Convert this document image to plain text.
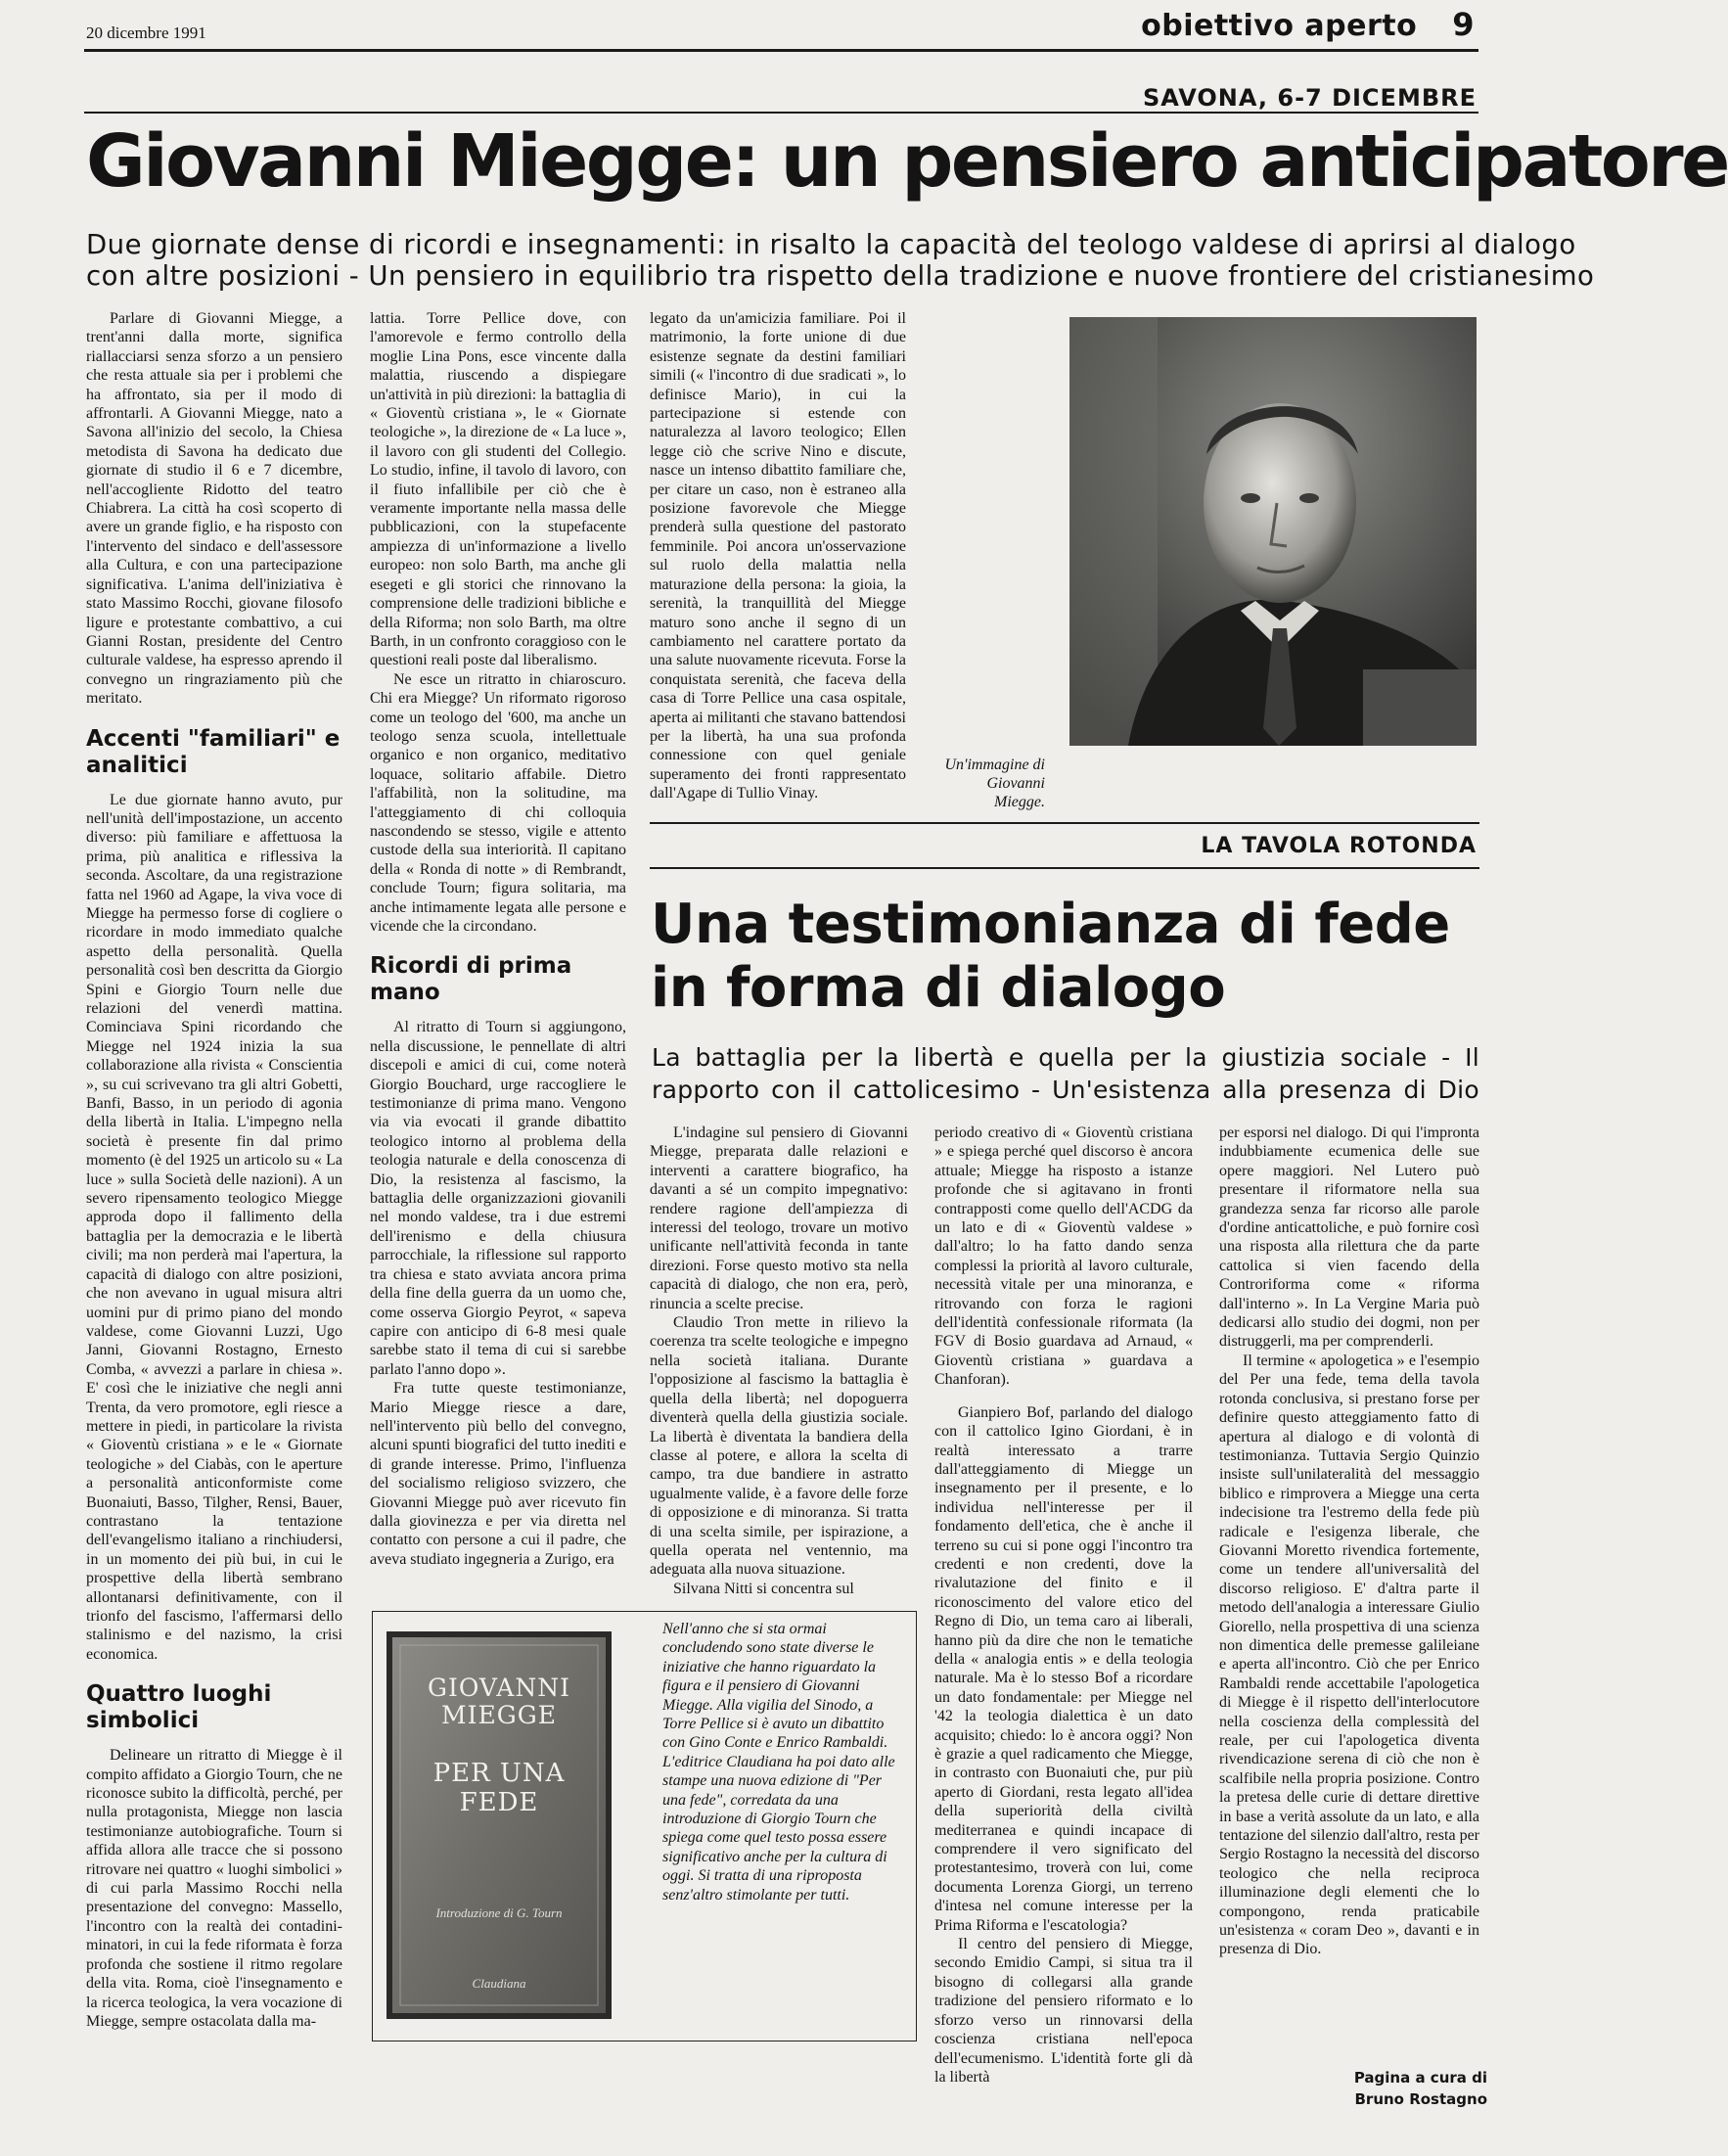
20 dicembre 1991	obiettivo aperto 9
SAVONA, 6-7 DICEMBRE
Giovanni Miegge: un pensiero anticipatore
Due giornate dense di ricordi e insegnamenti: in risalto la capacità del teologo valdese di aprirsi al dialogo
con altre posizioni - Un pensiero in equilibrio tra rispetto della tradizione e nuove frontiere del cristianesimo

Parlare di Giovanni Miegge, a trent'anni dalla morte, significa riallacciarsi senza sforzo a un pensiero che resta attuale sia per i problemi che ha affrontato, sia per il modo di affrontarli. A Giovanni Miegge, nato a Savona all'inizio del secolo, la Chiesa metodista di Savona ha dedicato due giornate di studio il 6 e 7 dicembre, nell'accogliente Ridotto del teatro Chiabrera. La città ha così scoperto di avere un grande figlio, e ha risposto con l'intervento del sindaco e dell'assessore alla Cultura, e con una partecipazione significativa. L'anima dell'iniziativa è stato Massimo Rocchi, giovane filosofo ligure e protestante combattivo, a cui Gianni Rostan, presidente del Centro culturale valdese, ha espresso aprendo il convegno un ringraziamento più che meritato.

Accenti "familiari" e analitici

Le due giornate hanno avuto, pur nell'unità dell'impostazione, un accento diverso: più familiare e affettuosa la prima, più analitica e riflessiva la seconda. Ascoltare, da una registrazione fatta nel 1960 ad Agape, la viva voce di Miegge ha permesso forse di cogliere o ricordare in modo immediato qualche aspetto della personalità. Quella personalità così ben descritta da Giorgio Spini e Giorgio Tourn nelle due relazioni del venerdì mattina. Cominciava Spini ricordando che Miegge nel 1924 inizia la sua collaborazione alla rivista « Conscientia », su cui scrivevano tra gli altri Gobetti, Banfi, Basso, in un periodo di agonia della libertà in Italia. L'impegno nella società è presente fin dal primo momento (è del 1925 un articolo su « La luce » sulla Società delle nazioni). A un severo ripensamento teologico Miegge approda dopo il fallimento della battaglia per la democrazia e le libertà civili; ma non perderà mai l'apertura, la capacità di dialogo con altre posizioni, che non avevano in ugual misura altri uomini pur di primo piano del mondo valdese, come Giovanni Luzzi, Ugo Janni, Giovanni Rostagno, Ernesto Comba, « avvezzi a parlare in chiesa ». E' così che le iniziative che negli anni Trenta, da vero promotore, egli riesce a mettere in piedi, in particolare la rivista « Gioventù cristiana » e le « Giornate teologiche » del Ciabàs, con le aperture a personalità anticonformiste come Buonaiuti, Basso, Tilgher, Rensi, Bauer, contrastano la tentazione dell'evangelismo italiano a rinchiudersi, in un momento dei più bui, in cui le prospettive della libertà sembrano allontanarsi definitivamente, con il trionfo del fascismo, l'affermarsi dello stalinismo e del nazismo, la crisi economica.

Quattro luoghi simbolici

Delineare un ritratto di Miegge è il compito affidato a Giorgio Tourn, che ne riconosce subito la difficoltà, perché, per nulla protagonista, Miegge non lascia testimonianze autobiografiche. Tourn si affida allora alle tracce che si possono ritrovare nei quattro « luoghi simbolici » di cui parla Massimo Rocchi nella presentazione del convegno: Massello, l'incontro con la realtà dei contadini-minatori, in cui la fede riformata è forza profonda che sostiene il ritmo regolare della vita. Roma, cioè l'insegnamento e la ricerca teologica, la vera vocazione di Miegge, sempre ostacolata dalla ma-

lattia. Torre Pellice dove, con l'amorevole e fermo controllo della moglie Lina Pons, esce vincente dalla malattia, riuscendo a dispiegare un'attività in più direzioni: la battaglia di « Gioventù cristiana », le « Giornate teologiche », la direzione de « La luce », il lavoro con gli studenti del Collegio. Lo studio, infine, il tavolo di lavoro, con il fiuto infallibile per ciò che è veramente importante nella massa delle pubblicazioni, con la stupefacente ampiezza di un'informazione a livello europeo: non solo Barth, ma anche gli esegeti e gli storici che rinnovano la comprensione delle tradizioni bibliche e della Riforma; non solo Barth, ma oltre Barth, in un confronto coraggioso con le questioni reali poste dal liberalismo.

Ne esce un ritratto in chiaroscuro. Chi era Miegge? Un riformato rigoroso come un teologo del '600, ma anche un teologo senza scuola, intellettuale organico e non organico, meditativo loquace, solitario affabile. Dietro l'affabilità, non la solitudine, ma l'atteggiamento di chi colloquia nascondendo se stesso, vigile e attento custode della sua interiorità. Il capitano della « Ronda di notte » di Rembrandt, conclude Tourn; figura solitaria, ma anche intimamente legata alle persone e vicende che la circondano.

Ricordi di prima mano

Al ritratto di Tourn si aggiungono, nella discussione, le pennellate di altri discepoli e amici di cui, come noterà Giorgio Bouchard, urge raccogliere le testimonianze di prima mano. Vengono via via evocati il grande dibattito teologico intorno al problema della teologia naturale e della conoscenza di Dio, la resistenza al fascismo, la battaglia delle organizzazioni giovanili nel mondo valdese, tra i due estremi dell'irenismo e della chiusura parrocchiale, la riflessione sul rapporto tra chiesa e stato avviata ancora prima della fine della guerra da un uomo che, come osserva Giorgio Peyrot, « sapeva capire con anticipo di 6-8 mesi quale sarebbe stato il tema di cui si sarebbe parlato l'anno dopo ».

Fra tutte queste testimonianze, Mario Miegge riesce a dare, nell'intervento più bello del convegno, alcuni spunti biografici del tutto inediti e di grande interesse. Primo, l'influenza del socialismo religioso svizzero, che Giovanni Miegge può aver ricevuto fin dalla giovinezza e per via diretta nel contatto con persone a cui il padre, che aveva studiato ingegneria a Zurigo, era

legato da un'amicizia familiare. Poi il matrimonio, la forte unione di due esistenze segnate da destini familiari simili (« l'incontro di due sradicati », lo definisce Mario), in cui la partecipazione si estende con naturalezza al lavoro teologico; Ellen legge ciò che scrive Nino e discute, nasce un intenso dibattito familiare che, per citare un caso, non è estraneo alla posizione favorevole che Miegge prenderà sulla questione del pastorato femminile. Poi ancora un'osservazione sul ruolo della malattia nella maturazione della persona: la gioia, la serenità, la tranquillità del Miegge maturo sono anche il segno di un cambiamento nel carattere portato da una salute nuovamente ricevuta. Forse la conquistata serenità, che faceva della casa di Torre Pellice una casa ospitale, aperta ai militanti che stavano battendosi per la libertà, ha una sua profonda connessione con quel geniale superamento dei fronti rappresentato dall'Agape di Tullio Vinay.

Un'immagine di Giovanni Miegge.
LA TAVOLA ROTONDA
Una testimonianza di fede
in forma di dialogo
La battaglia per la libertà e quella per la giustizia sociale - Il rapporto con il cattolicesimo - Un'esistenza alla presenza di Dio

L'indagine sul pensiero di Giovanni Miegge, preparata dalle relazioni e interventi a carattere biografico, ha davanti a sé un compito impegnativo: rendere ragione dell'ampiezza di interessi del teologo, trovare un motivo unificante nell'attività feconda in tante direzioni. Forse questo motivo sta nella capacità di dialogo, che non era, però, rinuncia a scelte precise.

Claudio Tron mette in rilievo la coerenza tra scelte teologiche e impegno nella società italiana. Durante l'opposizione al fascismo la battaglia è quella della libertà; nel dopoguerra diventerà quella della giustizia sociale. La libertà è diventata la bandiera della classe al potere, e allora la scelta di campo, tra due bandiere in astratto ugualmente valide, è a favore delle forze di opposizione e di minoranza. Si tratta di una scelta simile, per ispirazione, a quella operata nel ventennio, ma adeguata alla nuova situazione.

Silvana Nitti si concentra sul

periodo creativo di « Gioventù cristiana » e spiega perché quel discorso è ancora attuale; Miegge ha risposto a istanze profonde che si agitavano in fronti contrapposti come quello dell'ACDG da un lato e di « Gioventù valdese » dall'altro; lo ha fatto dando senza complessi la priorità al lavoro culturale, necessità vitale per una minoranza, e ritrovando con forza le ragioni dell'identità confessionale riformata (la FGV di Bosio guardava ad Arnaud, « Gioventù cristiana » guardava a Chanforan).

Gianpiero Bof, parlando del dialogo con il cattolico Igino Giordani, è in realtà interessato a trarre dall'atteggiamento di Miegge un insegnamento per il presente, e lo individua nell'interesse per il fondamento dell'etica, che è anche il terreno su cui si pone oggi l'incontro tra credenti e non credenti, dove la rivalutazione del finito e il riconoscimento del valore etico del Regno di Dio, un tema caro ai liberali, hanno più da dire che non le tematiche della « analogia entis » e della teologia naturale. Ma è lo stesso Bof a ricordare un dato fondamentale: per Miegge nel '42 la teologia dialettica è un dato acquisito; chiedo: lo è ancora oggi? Non è grazie a quel radicamento che Miegge, in contrasto con Buonaiuti che, pur più aperto di Giordani, resta legato all'idea della superiorità della civiltà mediterranea e quindi incapace di comprendere il vero significato del protestantesimo, troverà con lui, come documenta Lorenza Giorgi, un terreno d'intesa nel comune interesse per la Prima Riforma e l'escatologia?

Il centro del pensiero di Miegge, secondo Emidio Campi, si situa tra il bisogno di collegarsi alla grande tradizione del pensiero riformato e lo sforzo verso un rinnovarsi della coscienza cristiana nell'epoca dell'ecumenismo. L'identità forte gli dà la libertà

per esporsi nel dialogo. Di qui l'impronta indubbiamente ecumenica delle sue opere maggiori. Nel Lutero può presentare il riformatore nella sua grandezza senza far ricorso alle parole d'ordine anticattoliche, e può fornire così una risposta alla rilettura che da parte cattolica si vien facendo della Controriforma come « riforma dall'interno ». In La Vergine Maria può dedicarsi allo studio dei dogmi, non per distruggerli, ma per comprenderli.

Il termine « apologetica » e l'esempio del Per una fede, tema della tavola rotonda conclusiva, si prestano forse per definire questo atteggiamento fatto di apertura al dialogo e di volontà di testimonianza. Tuttavia Sergio Quinzio insiste sull'unilateralità del messaggio biblico e rimprovera a Miegge una certa indecisione tra l'estremo della fede più radicale e l'esigenza liberale, che Giovanni Moretto rivendica fortemente, come un tendere all'universalità del discorso religioso. E' d'altra parte il metodo dell'analogia a interessare Giulio Giorello, nella prospettiva di una scienza non dimentica delle premesse galileiane e aperta all'incontro. Ciò che per Enrico Rambaldi rende accettabile l'apologetica di Miegge è il rispetto dell'interlocutore nella coscienza della complessità del reale, per cui l'apologetica diventa rivendicazione serena di ciò che non è scalfibile nella propria posizione. Contro la pretesa delle curie di dettare direttive in base a verità assolute da un lato, e alla tentazione del silenzio dall'altro, resta per Sergio Rostagno la necessità del discorso teologico che nella reciproca illuminazione degli elementi che lo compongono, renda praticabile un'esistenza « coram Deo », davanti e in presenza di Dio.

Pagina a cura di
Bruno Rostagno
GIOVANNI
MIEGGE
PER UNA
FEDE
Introduzione di G. Tourn
Claudiana
Nell'anno che si sta ormai concludendo sono state diverse le iniziative che hanno riguardato la figura e il pensiero di Giovanni Miegge. Alla vigilia del Sinodo, a Torre Pellice si è avuto un dibattito con Gino Conte e Enrico Rambaldi. L'editrice Claudiana ha poi dato alle stampe una nuova edizione di "Per una fede", corredata da una introduzione di Giorgio Tourn che spiega come quel testo possa essere significativo anche per la cultura di oggi. Si tratta di una riproposta senz'altro stimolante per tutti.
